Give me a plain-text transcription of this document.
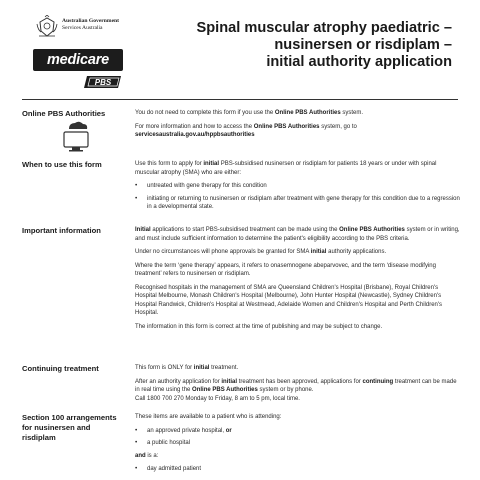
Australian Government
Services Australia
medicare
PBS
Spinal muscular atrophy paediatric –
nusinersen or risdiplam –
initial authority application
Online PBS Authorities	You do not need to complete this form if you use the Online PBS Authorities system.

For more information and how to access the Online PBS Authorities system, go to
servicesaustralia.gov.au/hppbsauthorities

When to use this form	Use this form to apply for initial PBS-subsidised nusinersen or risdiplam for patients 18 years or under with spinal muscular atrophy (SMA) who are either:

• untreated with gene therapy for this condition
• initiating or returning to nusinersen or risdiplam after treatment with gene therapy for this condition due to a regression in a developmental state.
Important information	Initial applications to start PBS-subsidised treatment can be made using the Online PBS Authorities system or in writing, and must include sufficient information to determine the patient's eligibility according to the PBS criteria.

Under no circumstances will phone approvals be granted for SMA initial authority applications.

Where the term ‘gene therapy’ appears, it refers to onasemnogene abeparvovec, and the term ‘disease modifying treatment’ refers to nusinersen or risdiplam.

Recognised hospitals in the management of SMA are Queensland Children's Hospital (Brisbane), Royal Children's Hospital Melbourne, Monash Children's Hospital (Melbourne), John Hunter Hospital (Newcastle), Sydney Children's Hospital Randwick, Children's Hospital at Westmead, Adelaide Women and Children's Hospital and Perth Children's Hospital.

The information in this form is correct at the time of publishing and may be subject to change.

Continuing treatment	This form is ONLY for initial treatment.

After an authority application for initial treatment has been approved, applications for continuing treatment can be made in real time using the Online PBS Authorities system or by phone.

Call 1800 700 270 Monday to Friday, 8 am to 5 pm, local time.

Section 100 arrangements
for nusinersen and
risdiplam

These items are available to a patient who is attending:

• an approved private hospital, or
• a public hospital

and is a:

• day admitted patient
